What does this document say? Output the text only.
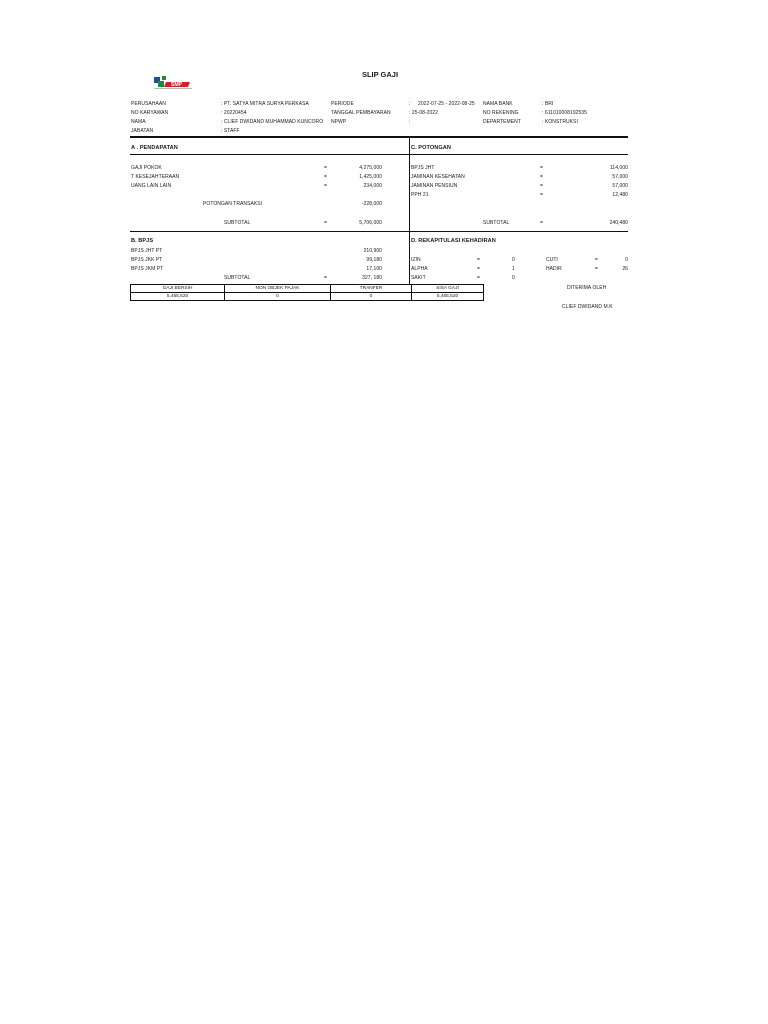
SMP
SLIP GAJI
PERUSAHAAN	: PT. SATYA MITRA SURYA PERKASA
NO KARYAWAN	: 20220454
NAMA	: CLIEF DWIDAND MUHAMMAD KUNCORO
JABATAN	: STAFF
PERIODE	: 2022-07-25 - 2022-08-25
TANGGAL PEMBAYARAN	: 25-08-2022
NPWP	:
NAMA BANK	: BRI
NO REKENING	: 611010008192535
DEPARTEMENT	: KONSTRUKSI
A . PENDAPATAN
GAJI POKOK	=	4,275,000
T KESEJAHTERAAN	=	1,425,000
UANG LAIN LAIN	=	234,000
POTONGAN TRANSAKSI	-228,000
SUBTOTAL	=	5,706,000
C. POTONGAN
BPJS JHT	=	114,000
JAMINAN KESEHATAN	=	57,000
JAMINAN PENSIUN	=	57,000
PPH 21	=	12,480
SUBTOTAL	=	240,480
B. BPJS
BPJS JHT PT	210,900
BPJS JKK PT	99,180
BPJS JKM PT	17,100
SUBTOTAL	=	327, 180
D. REKAPITULASI KEHADIRAN
IZIN	=	0
ALPHA	=	1
SAKIT	=	0
CUTI	=	0
HADIR	=	26
GAJI BERSIH	NON OBJEK PAJAK	TRANFER	SISA GAJI
5,465,520	0	0	5,465,520
DITERIMA OLEH
CLIEF DWIDAND M.K
